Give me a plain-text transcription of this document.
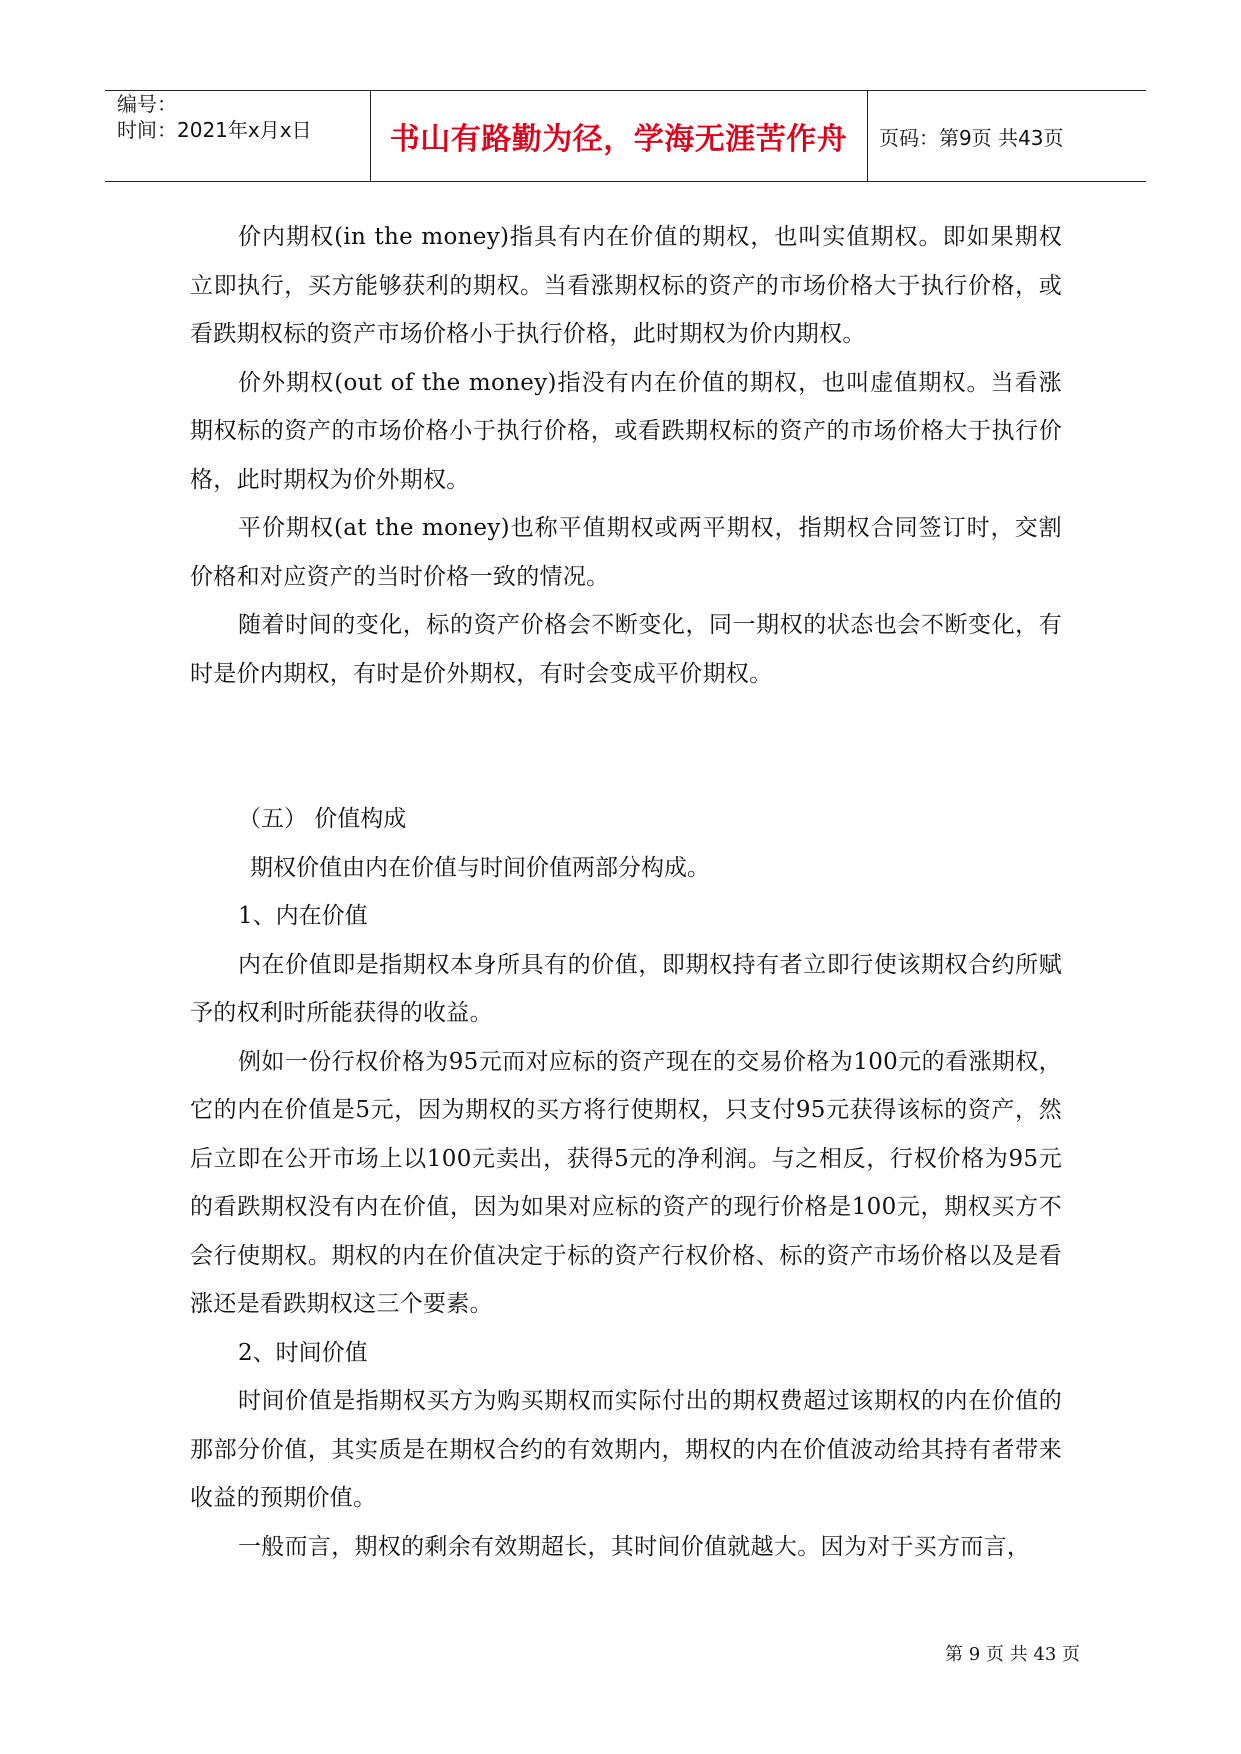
编号：
时间：2021年x月x日	书山有路勤为径，学海无涯苦作舟 页码：第9页 共43页

价内期权(in the money)指具有内在价值的期权，也叫实值期权。即如果期权立即执行，买方能够获利的期权。当看涨期权标的资产的市场价格大于执行价格，或看跌期权标的资产市场价格小于执行价格，此时期权为价内期权。

价外期权(out of the money)指没有内在价值的期权，也叫虚值期权。当看涨期权标的资产的市场价格小于执行价格，或看跌期权标的资产的市场价格大于执行价格，此时期权为价外期权。

平价期权(at the money)也称平值期权或两平期权，指期权合同签订时，交割价格和对应资产的当时价格一致的情况。

随着时间的变化，标的资产价格会不断变化，同一期权的状态也会不断变化，有时是价内期权，有时是价外期权，有时会变成平价期权。

（五） 价值构成

期权价值由内在价值与时间价值两部分构成。

1、内在价值

内在价值即是指期权本身所具有的价值，即期权持有者立即行使该期权合约所赋予的权利时所能获得的收益。

例如一份行权价格为95元而对应标的资产现在的交易价格为100元的看涨期权，它的内在价值是5元，因为期权的买方将行使期权，只支付95元获得该标的资产，然后立即在公开市场上以100元卖出，获得5元的净利润。与之相反，行权价格为95元的看跌期权没有内在价值，因为如果对应标的资产的现行价格是100元，期权买方不会行使期权。期权的内在价值决定于标的资产行权价格、标的资产市场价格以及是看涨还是看跌期权这三个要素。

2、时间价值

时间价值是指期权买方为购买期权而实际付出的期权费超过该期权的内在价值的那部分价值，其实质是在期权合约的有效期内，期权的内在价值波动给其持有者带来收益的预期价值。

一般而言，期权的剩余有效期超长，其时间价值就越大。因为对于买方而言，

第 9 页 共 43 页
